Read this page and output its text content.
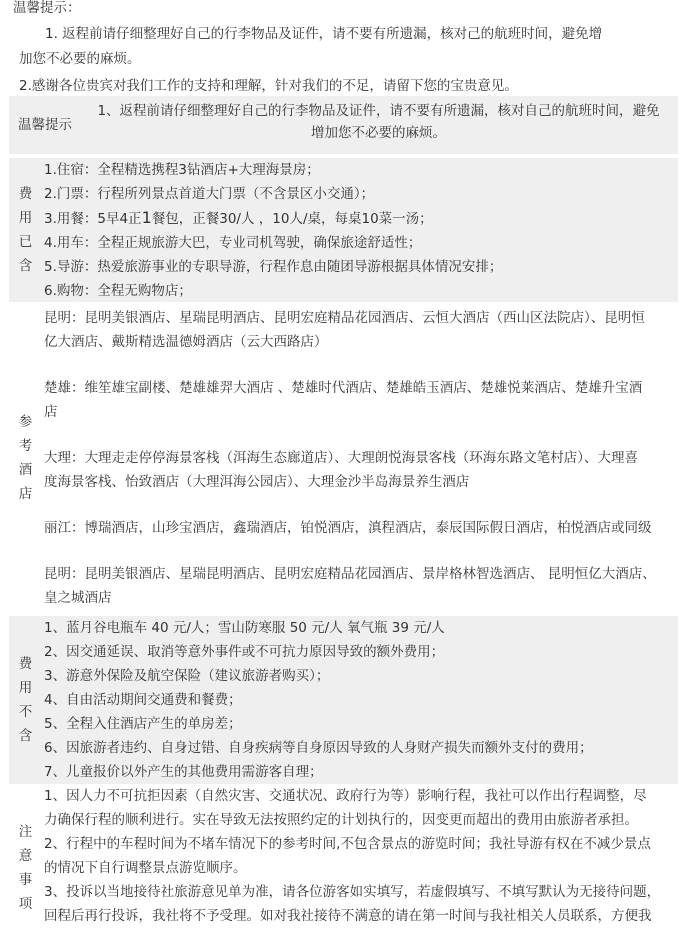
温馨提示：
1. 返程前请仔细整理好自己的行李物品及证件，请不要有所遗漏，核对己的航班时间，避免增
加您不必要的麻烦。
2.感谢各位贵宾对我们工作的支持和理解，针对我们的不足，请留下您的宝贵意见。
温馨提示
1、返程前请仔细整理好自己的行李物品及证件，请不要有所遗漏，核对自己的航班时间，避免
增加您不必要的麻烦。
费
用
已
含
1.住宿：全程精选携程3钻酒店+大理海景房；
2.门票：行程所列景点首道大门票（不含景区小交通）；
3.用餐：5早4正1餐包，正餐30/人 ，10人/桌，每桌10菜一汤；
4.用车：全程正规旅游大巴，专业司机驾驶，确保旅途舒适性；
5.导游：热爱旅游事业的专职导游，行程作息由随团导游根据具体情况安排；
6.购物：全程无购物店；
参
考
酒
店
昆明：昆明美银酒店、星瑞昆明酒店、昆明宏庭精品花园酒店、云恒大酒店（西山区法院店）、昆明恒
亿大酒店、戴斯精选温德姆酒店（云大西路店）
楚雄：维笙雄宝副楼、楚雄雄羿大酒店 、楚雄时代酒店、楚雄皓玉酒店、楚雄悦莱酒店、楚雄升宝酒
店
大理：大理走走停停海景客栈（洱海生态廊道店）、大理朗悦海景客栈（环海东路文笔村店）、大理喜
度海景客栈、怡致酒店（大理洱海公园店）、大理金沙半岛海景养生酒店
丽江：博瑞酒店，山珍宝酒店，鑫瑞酒店，铂悦酒店，滇程酒店，泰辰国际假日酒店，柏悦酒店或同级
昆明：昆明美银酒店、星瑞昆明酒店、昆明宏庭精品花园酒店、景岸格林智选酒店、 昆明恒亿大酒店、
皇之城酒店
费
用
不
含
1、蓝月谷电瓶车 40 元/人；雪山防寒服 50 元/人 氧气瓶 39 元/人
2、因交通延误、取消等意外事件或不可抗力原因导致的额外费用；
3、游意外保险及航空保险（建议旅游者购买）；
4、自由活动期间交通费和餐费；
5、全程入住酒店产生的单房差；
6、因旅游者违约、自身过错、自身疾病等自身原因导致的人身财产损失而额外支付的费用；
7、儿童报价以外产生的其他费用需游客自理；
注
意
事
项
1、因人力不可抗拒因素（自然灾害、交通状况、政府行为等）影响行程，我社可以作出行程调整，尽
力确保行程的顺利进行。实在导致无法按照约定的计划执行的，因变更而超出的费用由旅游者承担。
2、行程中的车程时间为不堵车情况下的参考时间,不包含景点的游览时间；我社导游有权在不减少景点
的情况下自行调整景点游览顺序。
3、投诉以当地接待社旅游意见单为准，请各位游客如实填写，若虚假填写、不填写默认为无接待问题，
回程后再行投诉，我社将不予受理。如对我社接待不满意的请在第一时间与我社相关人员联系，方便我
